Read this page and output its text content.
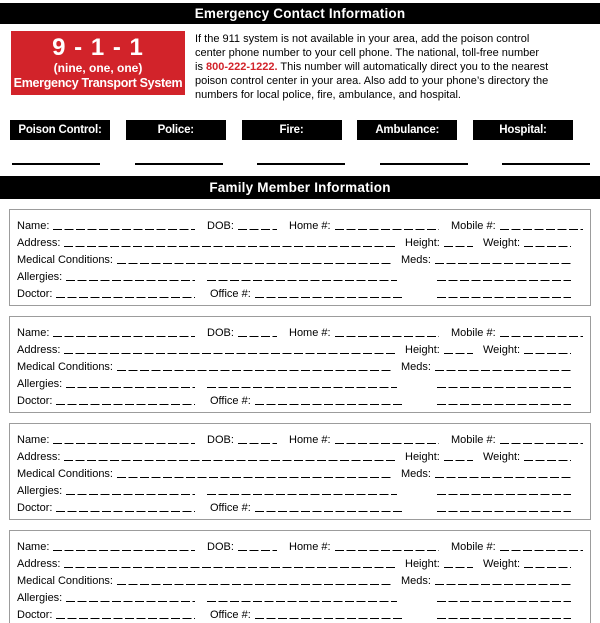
Emergency Contact Information
9 - 1 - 1
(nine, one, one)
Emergency Transport System
If the 911 system is not available in your area, add the poison control
center phone number to your cell phone. The national, toll-free number
is 800-222-1222. This number will automatically direct you to the nearest
poison control center in your area. Also add to your phone’s directory the
numbers for local police, fire, ambulance, and hospital.
Poison Control:	Police:	Fire:	Ambulance:	Hospital:
Family Member Information
Name:	DOB:	Home #:	Mobile #:
Address:	Height:	Weight:
Medical Conditions:	Meds:
Allergies:
Doctor:	Office #:
Name:	DOB:	Home #:	Mobile #:
Address:	Height:	Weight:
Medical Conditions:	Meds:
Allergies:
Doctor:	Office #:
Name:	DOB:	Home #:	Mobile #:
Address:	Height:	Weight:
Medical Conditions:	Meds:
Allergies:
Doctor:	Office #:
Name:	DOB:	Home #:	Mobile #:
Address:	Height:	Weight:
Medical Conditions:	Meds:
Allergies:
Doctor:	Office #:
